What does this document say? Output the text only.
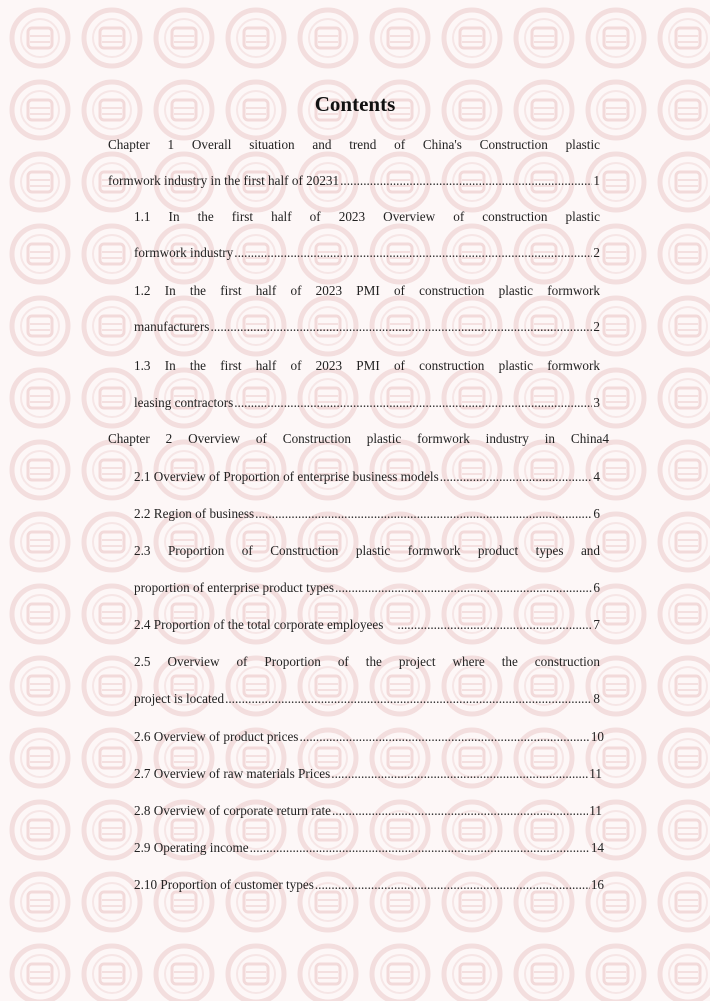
Contents
Chapter 1 Overall situation and trend of China's Construction plastic
formwork industry in the first half of 20231 .....	1
1.1 In the first half of 2023 Overview of construction plastic
formwork industry .....	2
1.2 In the first half of 2023 PMI of construction plastic formwork
manufacturers .....	2
1.3 In the first half of 2023 PMI of construction plastic formwork
leasing contractors .....	3
Chapter 2 Overview of Construction plastic formwork industry in China4
2.1 Overview of Proportion of enterprise business models .....	4
2.2 Region of business .....	6
2.3 Proportion of Construction plastic formwork product types and
proportion of enterprise product types .....	6
2.4 Proportion of the total corporate employees .....	7
2.5 Overview of Proportion of the project where the construction
project is located .....	8
2.6 Overview of product prices .....	10
2.7 Overview of raw materials Prices .....	11
2.8 Overview of corporate return rate .....	11
2.9 Operating income .....	14
2.10 Proportion of customer types .....	16
